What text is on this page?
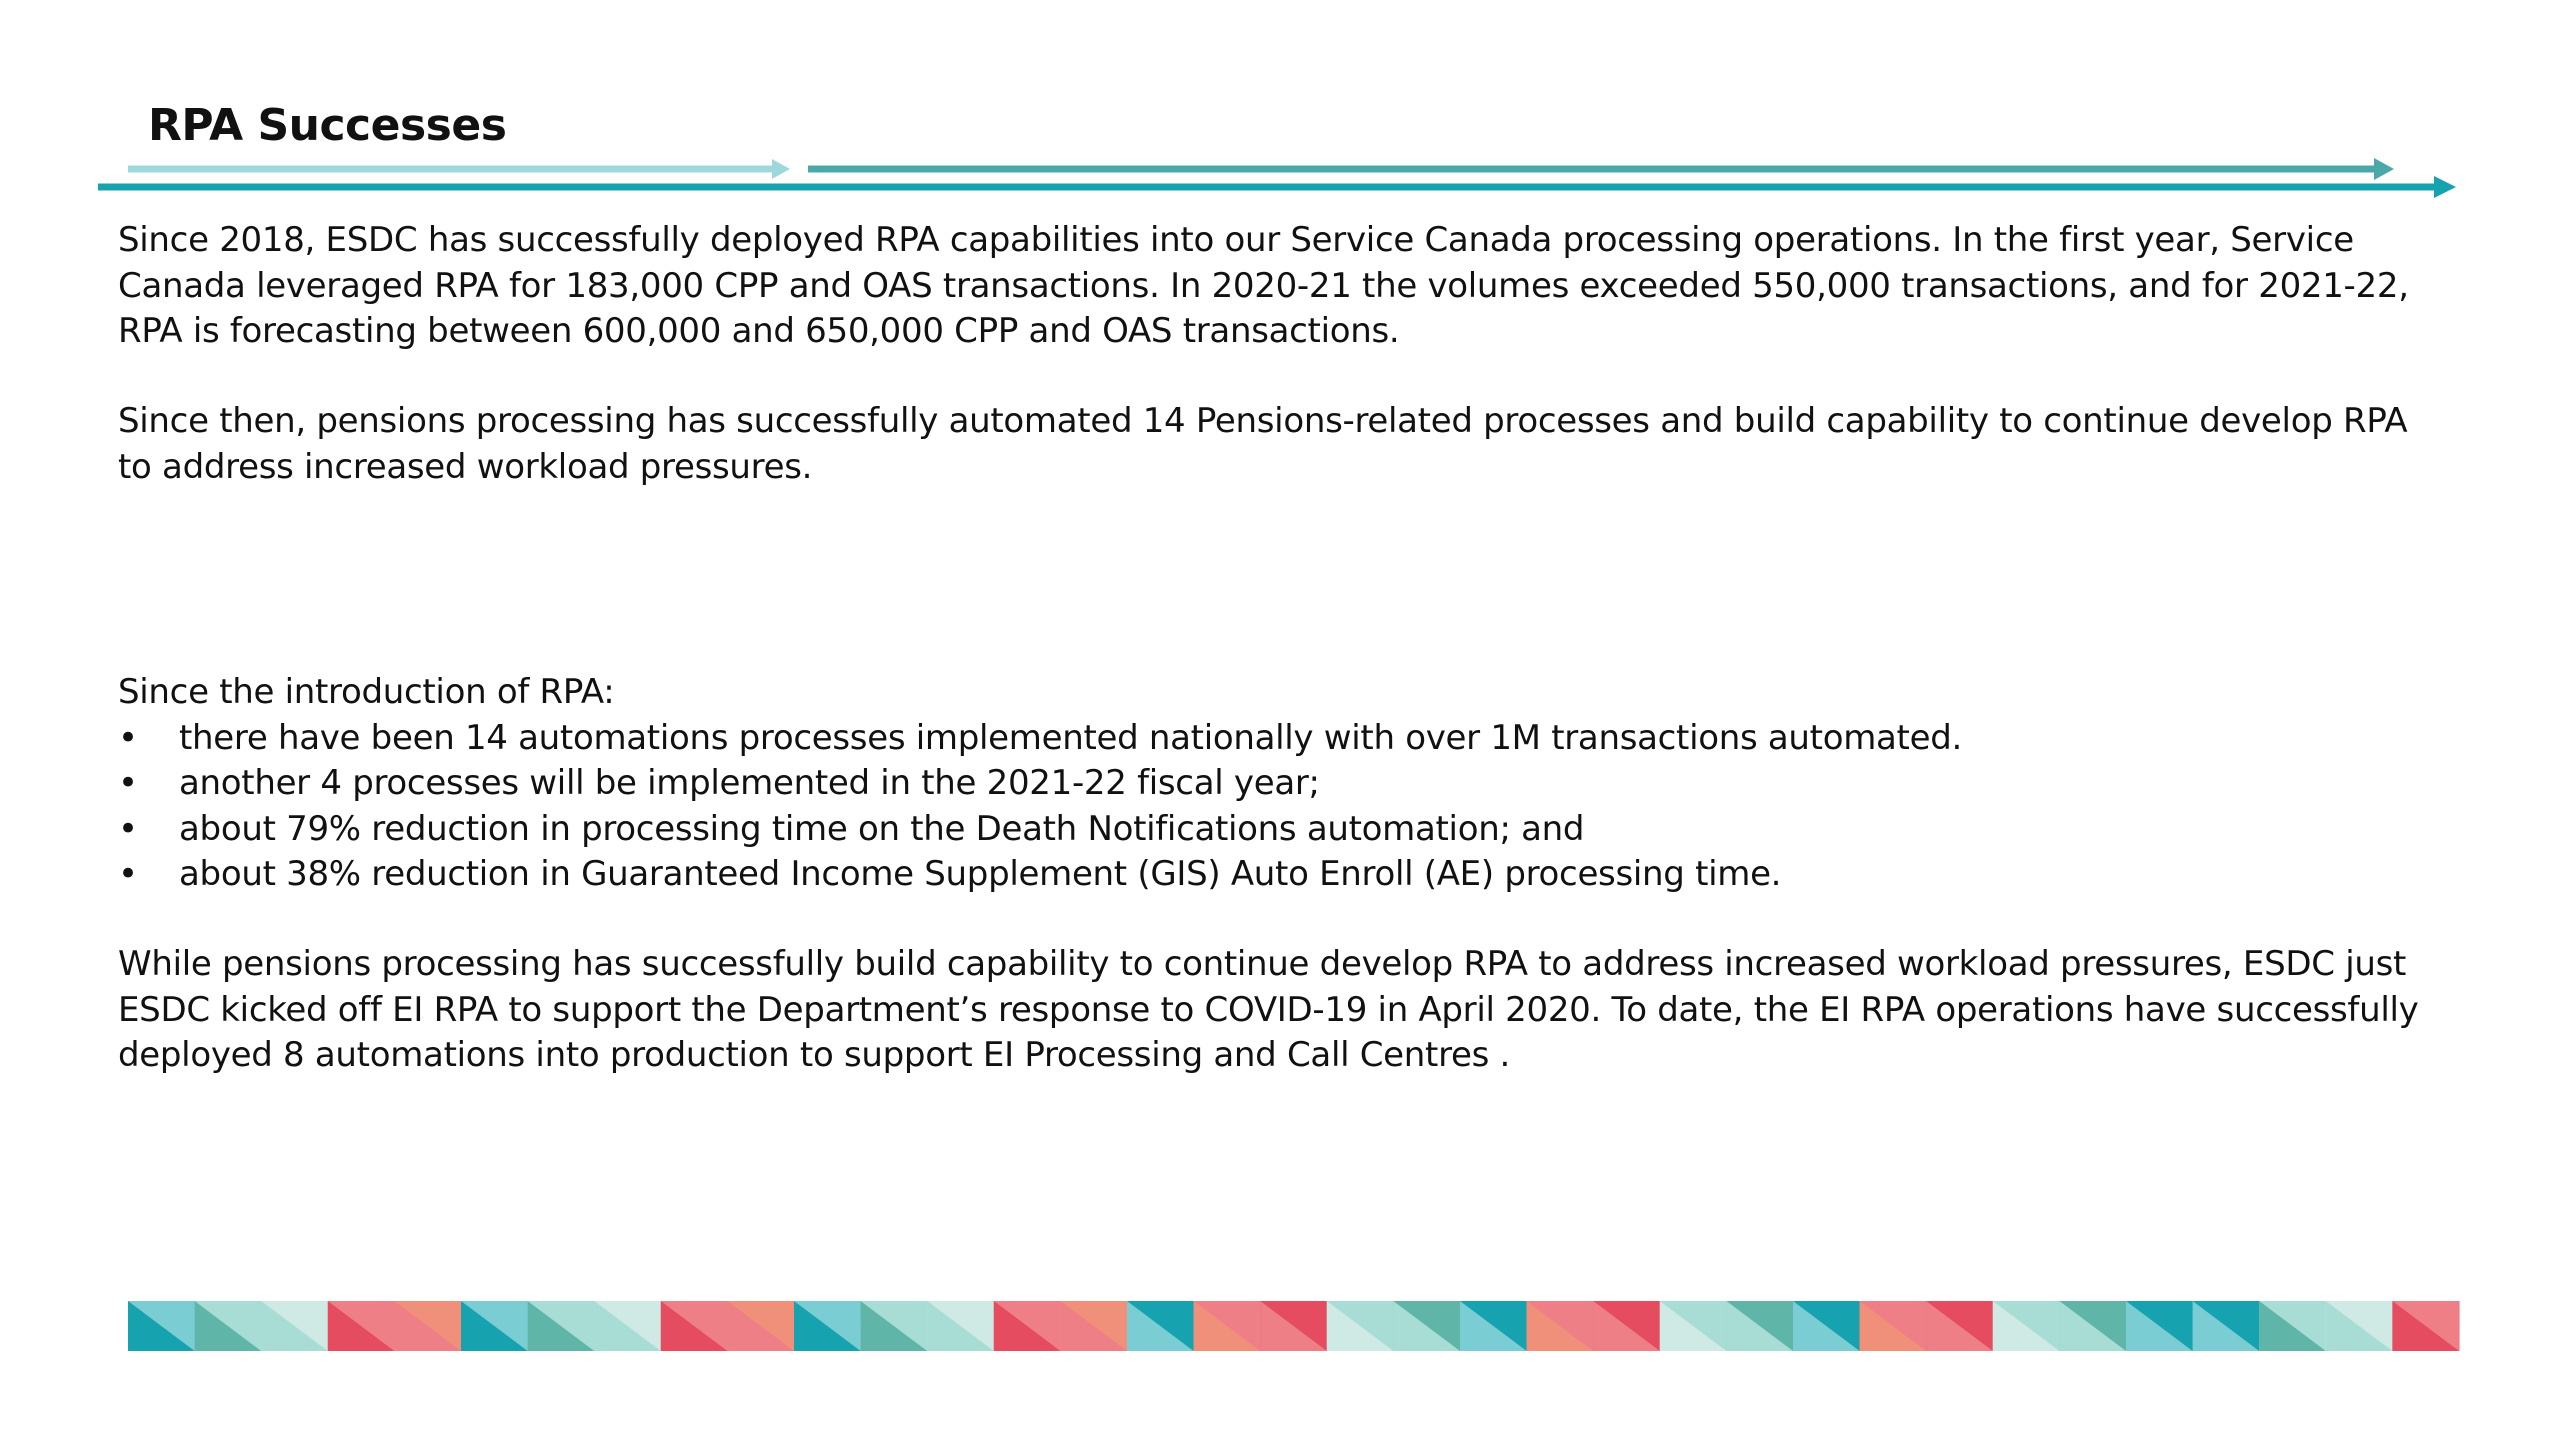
RPA Successes

Since 2018, ESDC has successfully deployed RPA capabilities into our Service Canada processing operations. In the first year, Service Canada leveraged RPA for 183,000 CPP and OAS transactions. In 2020-21 the volumes exceeded 550,000 transactions, and for 2021-22, RPA is forecasting between 600,000 and 650,000 CPP and OAS transactions.

Since then, pensions processing has successfully automated 14 Pensions-related processes and build capability to continue develop RPA to address increased workload pressures.

Since the introduction of RPA:

• there have been 14 automations processes implemented nationally with over 1M transactions automated.
• another 4 processes will be implemented in the 2021-22 fiscal year;
• about 79% reduction in processing time on the Death Notifications automation; and
• about 38% reduction in Guaranteed Income Supplement (GIS) Auto Enroll (AE) processing time.

While pensions processing has successfully build capability to continue develop RPA to address increased workload pressures, ESDC just ESDC kicked off EI RPA to support the Department’s response to COVID-19 in April 2020. To date, the EI RPA operations have successfully deployed 8 automations into production to support EI Processing and Call Centres .
